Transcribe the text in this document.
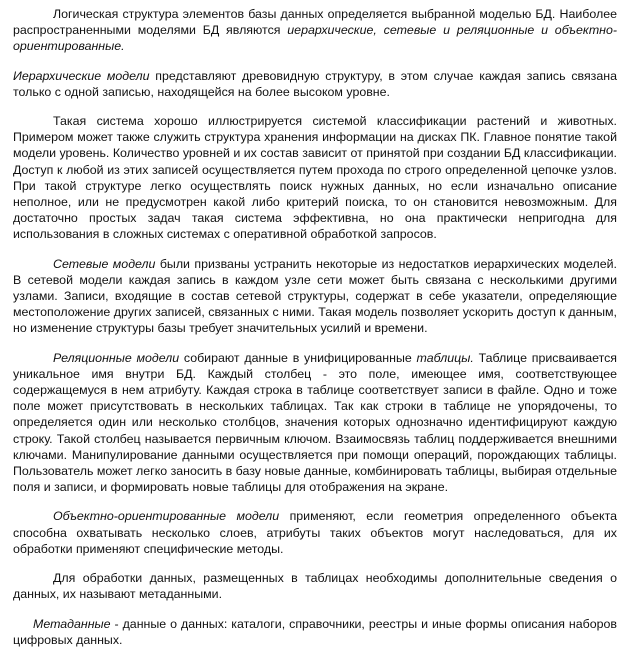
Логическая структура элементов базы данных определяется выбранной моделью БД. Наиболее распространенными моделями БД являются иерархические, сетевые и реляционные и объектно-ориентированные.

Иерархические модели представляют древовидную структуру, в этом случае каждая запись связана только с одной записью, находящейся на более высоком уровне.

Такая система хорошо иллюстрируется системой классификации растений и животных. Примером может также служить структура хранения информации на дисках ПК. Главное понятие такой модели уровень. Количество уровней и их состав зависит от принятой при создании БД классификации. Доступ к любой из этих записей осуществляется путем прохода по строго определенной цепочке узлов. При такой структуре легко осуществлять поиск нужных данных, но если изначально описание неполное, или не предусмотрен какой либо критерий поиска, то он становится невозможным. Для достаточно простых задач такая система эффективна, но она практически непригодна для использования в сложных системах с оперативной обработкой запросов.

Сетевые модели были призваны устранить некоторые из недостатков иерархических моделей. В сетевой модели каждая запись в каждом узле сети может быть связана с несколькими другими узлами. Записи, входящие в состав сетевой структуры, содержат в себе указатели, определяющие местоположение других записей, связанных с ними. Такая модель позволяет ускорить доступ к данным, но изменение структуры базы требует значительных усилий и времени.

Реляционные модели собирают данные в унифицированные таблицы. Таблице присваивается уникальное имя внутри БД. Каждый столбец - это поле, имеющее имя, соответствующее содержащемуся в нем атрибуту. Каждая строка в таблице соответствует записи в файле. Одно и тоже поле может присутствовать в нескольких таблицах. Так как строки в таблице не упорядочены, то определяется один или несколько столбцов, значения которых однозначно идентифицируют каждую строку. Такой столбец называется первичным ключом. Взаимосвязь таблиц поддерживается внешними ключами. Манипулирование данными осуществляется при помощи операций, порождающих таблицы. Пользователь может легко заносить в базу новые данные, комбинировать таблицы, выбирая отдельные поля и записи, и формировать новые таблицы для отображения на экране.

Объектно-ориентированные модели применяют, если геометрия определенного объекта способна охватывать несколько слоев, атрибуты таких объектов могут наследоваться, для их обработки применяют специфические методы.

Для обработки данных, размещенных в таблицах необходимы дополнительные сведения о данных, их называют метаданными.

Метаданные - данные о данных: каталоги, справочники, реестры и иные формы описания наборов цифровых данных.
